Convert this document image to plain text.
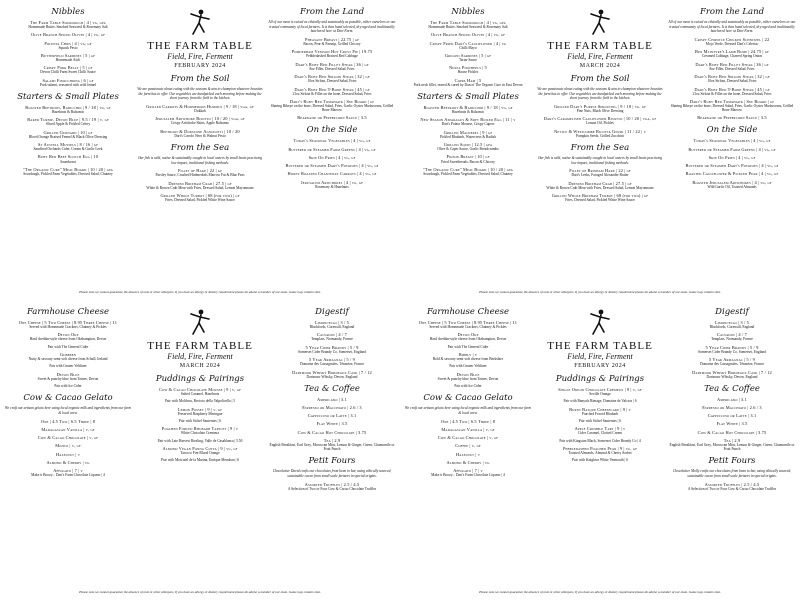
Nibbles
The Farm Table Sourdough | 4 | vg, gfa
Homemade Butter, Smoked Seaweed & Rosemary Salt
Olive Branch Spiced Olives | 4 | vg, gf
Polenta Chips | 4 | vg, gf
Squash Pesto
Butterfield Sardines | 5 | gf
Homemade Aïoli
Crispy Pork Belly | 5 | gf
Devon Chilli Farm Sweet Chilli Sauce
Salami Finocchiona | 6 | gf
Pork salami, seasoned with wild fennel
Starters & Small Plates
Roasted Beetroot, Radicchio | 9 / 18 | vg, gf
Hazelnuts & Balsamic
Baked Turnip, Devon Blue | 9.5 / 19 | v, gf
Sliced Apple & Pickled Celery
Grilled Gurnard | 10 | gf
Blood Orange Braised Fennel & Black Olive Dressing
St Austell Mussels | 8 / 16 | gf
Sandford Orchards Cider, Cream & Garlic Leek
Ruby Red Beef Scotch Egg | 10
Sauerkraut
"The Organic Cure" Meat Board | 10 / 20 | gfa
Sourdough, Pickled Farm Vegetables, Dressed Salad, Chutney
THE FARM TABLE
Field, Fire, Ferment
FEBRUARY 2024
From the Soil
We are passionate about eating with the seasons & aim to champion whatever bounties the farm has to offer. Our vegetables are handpicked each morning before making the short journey from the field to the kitchen.
Grilled Carrots & Hodmedods Hummus | 9 / 18 | vga, gf
Dukkah
Jerusalem Artichoke Risotto | 10 / 20 | vga, gf
Crispy Artichoke Skins, Apple Balsamic
Beetroot & Dorstone Agnolotti | 10 / 20
Dart's Cavolo Nero & Walnut Pesto
From the Sea
Our fish is wild, native & sustainably caught in local waters by small boats practicing low impact, traditional fishing methods.
Fillet of Hake | 22 | gf
Parsley Sauce, Crushed Hodmedods Marrow Fat & Blue Peas
Dressed Brixham Crab | 27.5 | gf
White & Brown Crab Meat with Fries, Dressed Salad, Lemon Mayonnaise
Grilled Whole Turbot | 68 (for two) | gf
Fries, Dressed Salad, Pickled White Wine Sauce
From the Land
All of our meat is raised as ethically and sustainably as possible, either ourselves or our trusted community of local farmers. It is then hand selected, dry-aged and traditionally butchered here at Dart Farm.
Pheasant Breast | 22.75 | gf
Bacon, Pear & Parsnip, Grilled Chicory
Pomderham Venison Hot Crust Pie | 19.75
Pebbledashed Braised Red Cabbage
Dart's Ruby Red Fillet Steak | 36 | gf
8oz Fillet, Dressed Salad, Fries
Dart's Ruby Red Sirloin Steak | 32 | gf
10oz Sirloin, Dressed Salad, Fries
Dart's Ruby Red T-Bone Steak | 45 | gf
21oz Sirloin & Fillet on the bone, Dressed Salad, Fries
Dart's Ruby Red Tomahawk | See Board | gf
Sharing Ribeye on the bone, Dressed Salad, Fries, Garlic Oyster Mushrooms, Grilled Bone Marrow
Béarnaise or Peppercorn Sauce | 3.5
On the Side
Today's Seasonal Vegetables | 4 | vg, gf
Buttered or Steamed Farm Greens | 4 | vg, gf
Skin On Fries | 4 | vg, gf
Buttered or Steamed Dart's Potatoes | 4 | vg, gf
Honey Roasted Chantenay Carrots | 4 | vg, gf
Jerusalem Artichokes | 4 | vg, gf
Rosemary & Hazelnuts
Please note we cannot guarantee the absence of nuts or other allergens. If you have an allergy or dietary requirement please do advise a member of our team. Game may contain shot.
Nibbles
The Farm Table Sourdough | 4 | vg, gfa
Homemade Butter, Smoked Seaweed & Rosemary Salt
Olive Branch Spiced Olives | 4 | vg, gf
Crispy Fried Dart's Cauliflower | 4 | vg
Chilli Mayo
Grilled Sardines | 5 | gf
Tartar Sauce
Nduja Pinwheels | 5
House Pickles
Coppa Ham | 5
Pork neck fillet, reared & cured by Dan of The Organic Cure in East Devon
Starters & Small Plates
Roasted Beetroot & Radicchio | 9 / 18 | vg, gf
Hazelnuts & Balsamic
New Season Asparagus & Soft Boiled Egg | 11 | v
Dart's Potato Mousse, Crispy Capers
Grilled Mackerel | 9 | gf
Pickled Rhubarb, Watercress & Radish
Grilled Squid | 12.5 | gfa
Olive & Caper Sauce, Garlic Breadcrumbs
Pigeon Breast | 10 | gf
Fried Sweetbreads, Bacon & Chicory
"The Organic Cure" Meat Board | 10 / 20 | gfa
Sourdough, Pickled Farm Vegetables, Dressed Salad, Chutney
THE FARM TABLE
Field, Fire, Ferment
MARCH 2024
From the Soil
We are passionate about eating with the seasons & aim to champion whatever bounties the farm has to offer. Our vegetables are handpicked each morning before making the short journey from the field to the kitchen.
Grilled Dart's Purple Sprouting | 9 / 18 | vg, gf
Pine Nuts, Black Olive Dressing
Dart's Caramelised Cauliflower Risotto | 10 / 20 | vga, gf
Lemon Oil, Pickles
Nettle & Westcombe Ricotta Gnudi | 11 / 22 | v
Pumpkin Seeds, Grilled Zucchini
From the Sea
Our fish is wild, native & sustainably caught in local waters by small boats practicing low impact, traditional fishing methods.
Fillet of Brixham Hake | 22 | gf
Dart's Leeks, Foraged Alexander Butter
Dressed Brixham Crab | 27.5 | gf
White & Brown Crab Meat with Fries, Dressed Salad, Lemon Mayonnaise
Grilled Whole Brixham Turbot | 68 (for two) | gf
Fries, Dressed Salad, Pickled White Wine Sauce
From the Land
All of our meat is raised as ethically and sustainably as possible, either ourselves or our trusted community of local farmers. It is then hand selected, dry-aged and traditionally butchered here at Dart Farm.
Crispy Chipotle Chicken Schnitzel | 22
Mojo Verde, Dressed Dart's Celeriac
Ben Mcintyre's Lamb Rump | 24.75 | gf
Creamed Cabbage, Charred Spring Onion
Dart's Ruby Red Fillet Steak | 36 | gf
8oz Fillet, Dressed Salad, Fries
Dart's Ruby Red Sirloin Steak | 32 | gf
10oz Sirloin, Dressed Salad, Fries
Dart's Ruby Red T-Bone Steak | 45 | gf
21oz Sirloin & Fillet on the bone, Dressed Salad, Fries
Dart's Ruby Red Tomahawk | See Board | gf
Sharing Ribeye on the bone, Dressed Salad, Fries, Garlic Oyster Mushrooms, Grilled Bone Marrow
Béarnaise or Peppercorn Sauce | 3.5
On the Side
Today's Seasonal Vegetables | 4 | vg, gf
Buttered or Steamed Farm Greens | 4 | vg, gf
Skin On Fries | 4 | vg, gf
Buttered or Steamed Dart's Potatoes | 4 | vg, gf
Roasted Cauliflower & Pickled Pear | 4 | vg, gf
Roasted Jerusalem Artichokes | 4 | vg, gf
Wild Garlic Oil, Toasted Almonds
Please note we cannot guarantee the absence of nuts or other allergens. If you have an allergy or dietary requirement please do advise a member of our team. Game may contain shot.
Farmhouse Cheese
One Cheese | 5 Two Cheese | 8.95 Three Cheese | 11
Served with Homemade Crackers, Chutney & Pickles
Devon Oke
Hard cheddar-style cheese from Okehampton, Devon
Pair with The General Cider
Gubbeen
Nutty & savoury semi-soft cheese from Schull, Ireland
Pair with Gruner Veltliner
Devon Blue
Sweet & punchy blue from Totnes, Devon
Pair with Ice Cider
Cow & Cacao Gelato
We craft our artisan gelato here using local organic milk and ingredients from our farm & local area.
One | 4.5 Two | 6.5 Three | 8
Madagascan Vanilla | v, gf
Cow & Cacao Chocolate | v, gf
Mojito | v, gf
Hazelnut | v
Almond & Cherry | vg
Affogato | 7 | v
Make it Boozy... Dart's Farm Chocolate Liqueur | 4
THE FARM TABLE
Field, Fire, Ferment
MARCH 2024
Puddings & Pairings
Cow & Cacao Chocolate Mousse | 9 | v, gf
Salted Caramel, Hazelnuts
Pair with Moldova, Recioto della Valpolicella | 5
Lemon Posset | 9 | v, gf
Preserved Raspberry Meringue
Pair with Sichel Sauternes | 6
Poached Forced Rhubarb Tartlet | 9 | v
White Chocolate Cremeux
Pair with Late Harvest Riesling, Valle de Casablanca | 5.50
Almond Vegan Panna Cotta | 9 | vg, gf
Tarocco Fire Blood Orange
Pair with Moscatel de la Marina, Enrique Mendoza | 6
Digestif
Limoncello | 3 / 5
Blackfords, Cornwall, England
Calvados | 4 / 7
Templars, Normandy, France
5 Year Cider Brandy | 5 / 9
Somerset Cider Brandy Co, Somerset, England
5 Year Armagnac | 5 / 9
Domaine des Cassagnoles, Ténarèze, France
Dartmoor Whisky Bordeaux Cask | 7 / 12
Dartmoor Whisky, Devon, England
Tea & Coffee
Americano | 3.1
Espresso or Macchiato | 2.6 / 3
Cappuccino or Latte | 3.1
Flat White | 3.5
Cow & Cacao Hot Chocolate | 3.75
Tea | 2.9
English Breakfast, Earl Grey, Moroccan Mint, Lemon & Ginger, Green, Chamomile or Fruit Punch
Petit Fours
Chocolatier David crafts our chocolates from bean to bar, using ethically sourced, sustainable cacao from small scale farmers in special origins.
Assorted Truffles | 2.5 / 4.5
A Selection of Two or Four Cow & Cacao Chocolate Truffles
Please note we cannot guarantee the absence of nuts or other allergens. If you have an allergy or dietary requirement please do advise a member of our team. Game may contain shot.
Farmhouse Cheese
One Cheese | 5 Two Cheese | 8.95 Three Cheese | 11
Served with Homemade Crackers, Chutney & Pickles
Devon Oke
Hard cheddar-style cheese from Okehampton, Devon
Pair with The General Cider
Ribbly | v
Bold & savoury semi-soft cheese from Berkshire
Pair with Gruner Veltliner
Devon Blue
Sweet & punchy blue from Totnes, Devon
Pair with Ice Cider
Cow & Cacao Gelato
We craft our artisan gelato here using local organic milk and ingredients from our farm & local area.
One | 4.5 Two | 6.5 Three | 8
Madagascan Vanilla | v, gf
Cow & Cacao Chocolate | v, gf
Coffee | v, gf
Hazelnut | v
Almond & Cherry | vg
Affogato | 7 | v
Make it Boozy... Dart's Farm Chocolate Liqueur | 4
THE FARM TABLE
Field, Fire, Ferment
FEBRUARY 2024
Puddings & Pairings
Single Origin Chocolate Crémeux | 9 | v, gf
Seville Orange
Pair with Banyuls Rimage, Domaine de Valcros | 6
Burnt Basque Cheesecake | 9 | v
Poached Forced Rhubarb
Pair with Sichel Sauternes | 6
Apple Crumble Tart | 9 | v
Cider Caramel, Clotted Cream
Pair with Kingston Black, Somerset Cider Brandy Co | 4
Pebbledashed Poached Pear | 9 | vg, gf
Toasted Almonds, Almond & Cherry Sorbet
Pair with Knightor White Vermouth | 6
Digestif
Limoncello | 3 / 5
Blackfords, Cornwall, England
Calvados | 4 / 7
Templars, Normandy, France
5 Year Cider Brandy | 5 / 9
Somerset Cider Brandy Co, Somerset, England
5 Year Armagnac | 5 / 9
Domaine des Cassagnoles, Ténarèze, France
Dartmoor Whisky Bordeaux Cask | 7 / 12
Dartmoor Whisky, Devon, England
Tea & Coffee
Americano | 3.1
Espresso or Macchiato | 2.6 / 3
Cappuccino or Latte | 3.1
Flat White | 3.5
Cow & Cacao Hot Chocolate | 3.75
Tea | 2.9
English Breakfast, Earl Grey, Moroccan Mint, Lemon & Ginger, Green, Chamomile or Fruit Punch
Petit Fours
Chocolatier Molly crafts our chocolates from bean to bar, using ethically sourced, sustainable cacao from small scale farmers in special origins.
Assorted Truffles | 2.5 / 4.5
A Selection of Two or Four Cow & Cacao Chocolate Truffles
Please note we cannot guarantee the absence of nuts or other allergens. If you have an allergy or dietary requirement please do advise a member of our team. Game may contain shot.
